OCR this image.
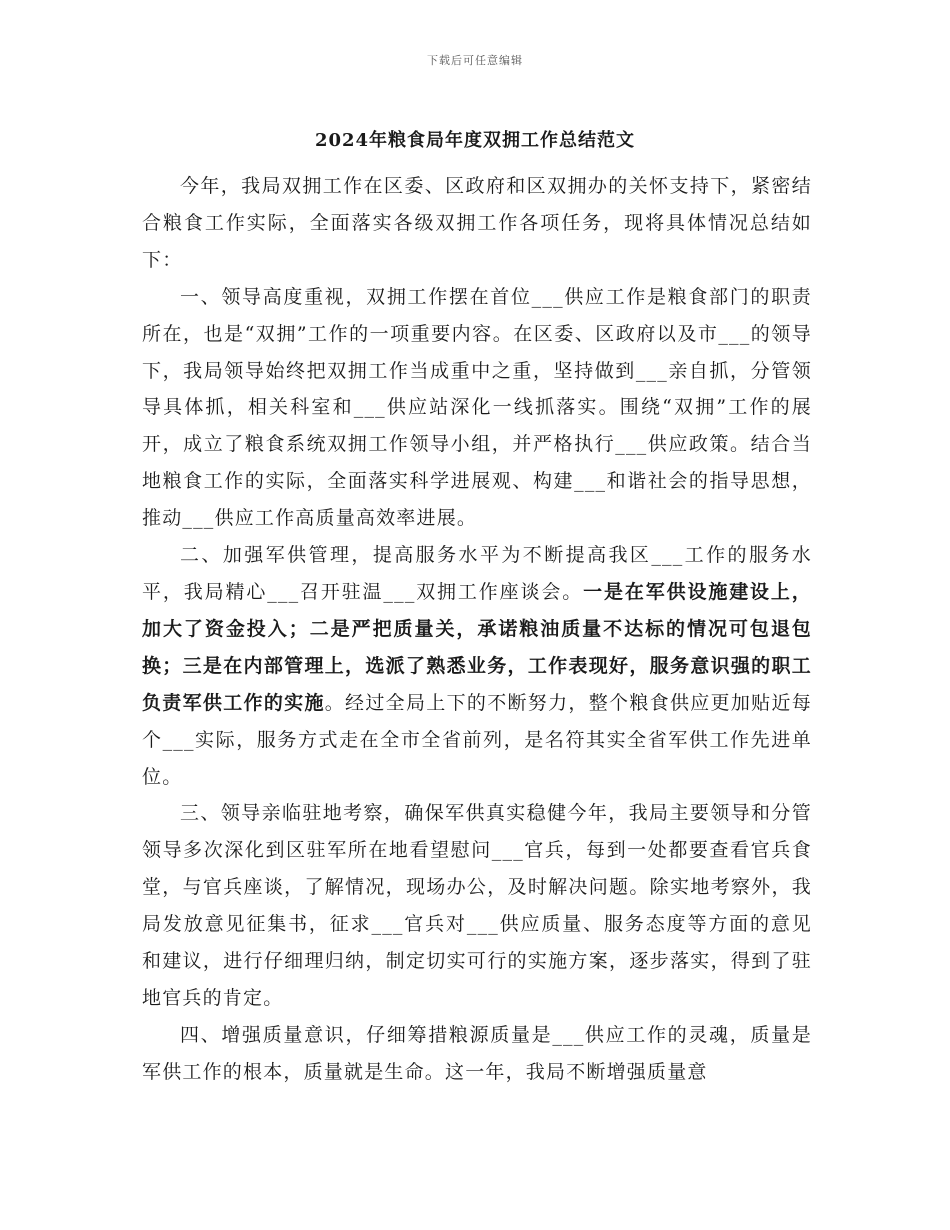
下载后可任意编辑
2024年粮食局年度双拥工作总结范文

今年，我局双拥工作在区委、区政府和区双拥办的关怀支持下，紧密结合粮食工作实际，全面落实各级双拥工作各项任务，现将具体情况总结如下：

一、领导高度重视，双拥工作摆在首位___供应工作是粮食部门的职责所在，也是“双拥”工作的一项重要内容。在区委、区政府以及市___的领导下，我局领导始终把双拥工作当成重中之重，坚持做到___亲自抓，分管领导具体抓，相关科室和___供应站深化一线抓落实。围绕“双拥”工作的展开，成立了粮食系统双拥工作领导小组，并严格执行___供应政策。结合当地粮食工作的实际，全面落实科学进展观、构建___和谐社会的指导思想，推动___供应工作高质量高效率进展。

二、加强军供管理，提高服务水平为不断提高我区___工作的服务水平，我局精心___召开驻温___双拥工作座谈会。一是在军供设施建设上，加大了资金投入；二是严把质量关，承诺粮油质量不达标的情况可包退包换；三是在内部管理上，选派了熟悉业务，工作表现好，服务意识强的职工负责军供工作的实施。经过全局上下的不断努力，整个粮食供应更加贴近每个___实际，服务方式走在全市全省前列，是名符其实全省军供工作先进单位。

三、领导亲临驻地考察，确保军供真实稳健今年，我局主要领导和分管领导多次深化到区驻军所在地看望慰问___官兵，每到一处都要查看官兵食堂，与官兵座谈，了解情况，现场办公，及时解决问题。除实地考察外，我局发放意见征集书，征求___官兵对___供应质量、服务态度等方面的意见和建议，进行仔细理归纳，制定切实可行的实施方案，逐步落实，得到了驻地官兵的肯定。

四、增强质量意识，仔细筹措粮源质量是___供应工作的灵魂，质量是军供工作的根本，质量就是生命。这一年，我局不断增强质量意
